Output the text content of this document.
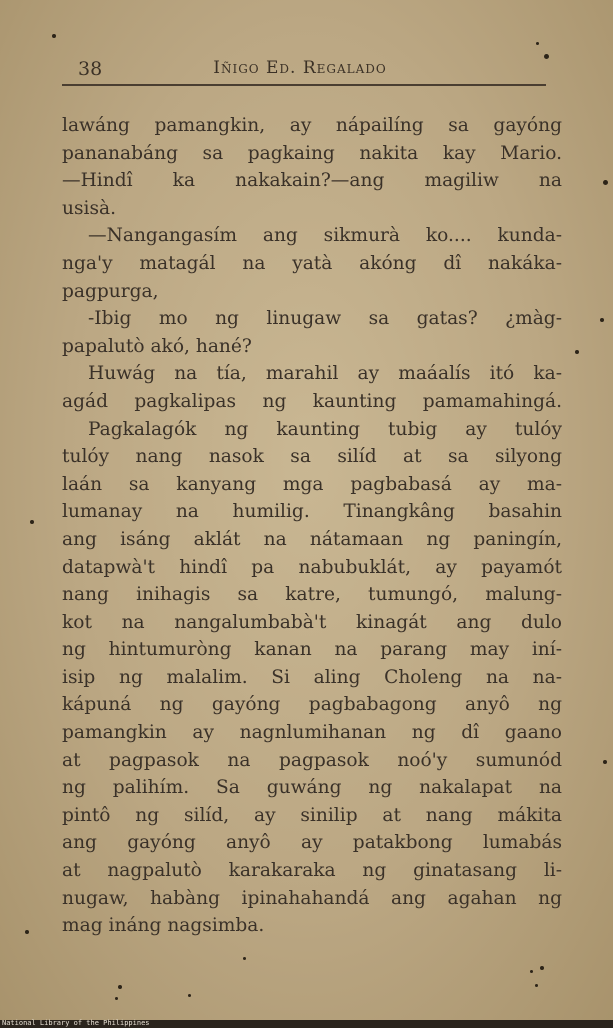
38	Iñigo Ed. Regalado
lawáng pamangkin, ay nápailíng sa gayóng
pananabáng sa pagkaing nakita kay Mario.
—Hindî ka nakakain?—ang magiliw na
usisà.
—Nangangasím ang sikmurà ko.... kunda-
nga'y matagál na yatà akóng dî nakáka-
pagpurga,
-Ibig mo ng linugaw sa gatas? ¿màg-
papalutò akó, hané?
Huwág na tía, marahil ay maáalís itó ka-
agád pagkalipas ng kaunting pamamahingá.
Pagkalagók ng kaunting tubig ay tulóy
tulóy nang nasok sa silíd at sa silyong
laán sa kanyang mga pagbabasá ay ma-
lumanay na humilig. Tinangkâng basahin
ang isáng aklát na nátamaan ng paningín,
datapwà't hindî pa nabubuklát, ay payamót
nang inihagis sa katre, tumungó, malung-
kot na nangalumbabà't kinagát ang dulo
ng hintumuròng kanan na parang may iní-
isip ng malalim. Si aling Choleng na na-
kápuná ng gayóng pagbabagong anyô ng
pamangkin ay nagnlumihanan ng dî gaano
at pagpasok na pagpasok noó'y sumunód
ng palihím. Sa guwáng ng nakalapat na
pintô ng silíd, ay sinilip at nang mákita
ang gayóng anyô ay patakbong lumabás
at nagpalutò karakaraka ng ginatasang li-
nugaw, habàng ipinahahandá ang agahan ng
mag ináng nagsimba.
National Library of the Philippines
